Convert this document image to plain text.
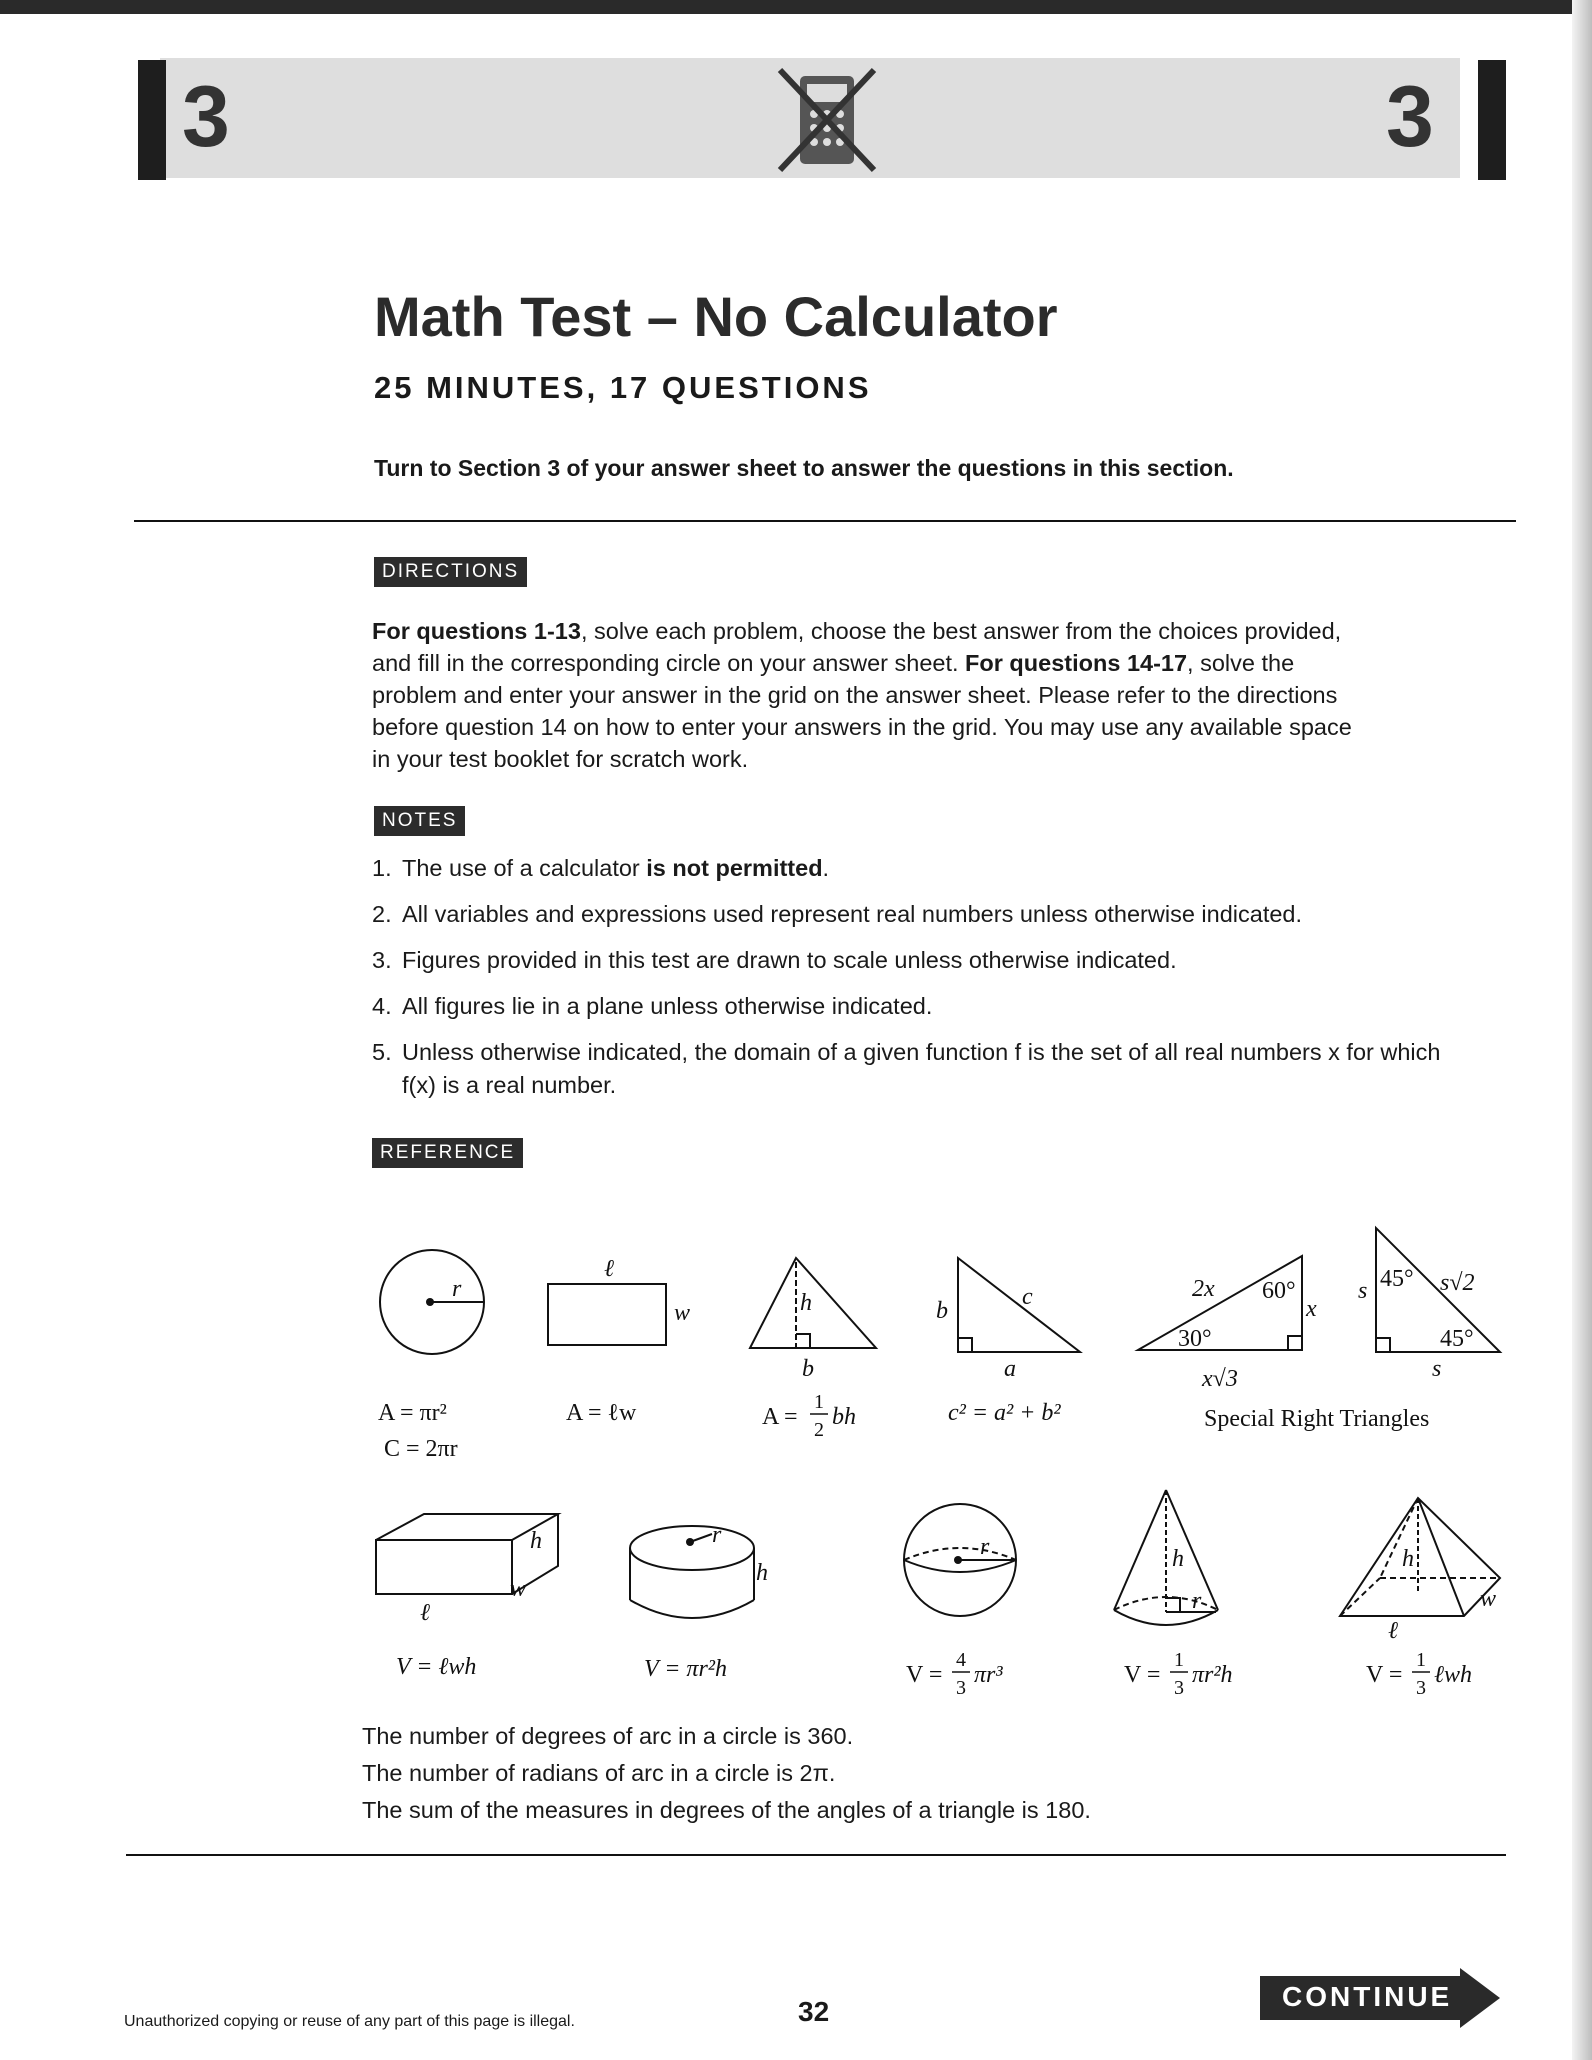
3	3
Math Test – No Calculator
25 MINUTES, 17 QUESTIONS
Turn to Section 3 of your answer sheet to answer the questions in this section.
DIRECTIONS
For questions 1-13, solve each problem, choose the best answer from the choices provided, and fill in the corresponding circle on your answer sheet. For questions 14-17, solve the problem and enter your answer in the grid on the answer sheet. Please refer to the directions before question 14 on how to enter your answers in the grid. You may use any available space in your test booklet for scratch work.
NOTES
1. The use of a calculator is not permitted.
2. All variables and expressions used represent real numbers unless otherwise indicated.
3. Figures provided in this test are drawn to scale unless otherwise indicated.
4. All figures lie in a plane unless otherwise indicated.
5. Unless otherwise indicated, the domain of a given function f is the set of all real numbers x for which f(x) is a real number.
REFERENCE
r
A = πr²
C = 2πr
ℓ
w
A = ℓw
h
b
A =
1
2 bh
b
c
a
c² = a² + b²
2x 60°
x
30°
x√3
s 45° s√2
45°
s
Special Right Triangles
h
w
ℓ
V = ℓwh
r
h
V = πr²h
r
V =
4
3 πr³
h
r
V =
1
3 πr²h
h
w
ℓ
V =
1
3 ℓwh
The number of degrees of arc in a circle is 360.
The number of radians of arc in a circle is 2π.
The sum of the measures in degrees of the angles of a triangle is 180.
Unauthorized copying or reuse of any part of this page is illegal.	32	CONTINUE
